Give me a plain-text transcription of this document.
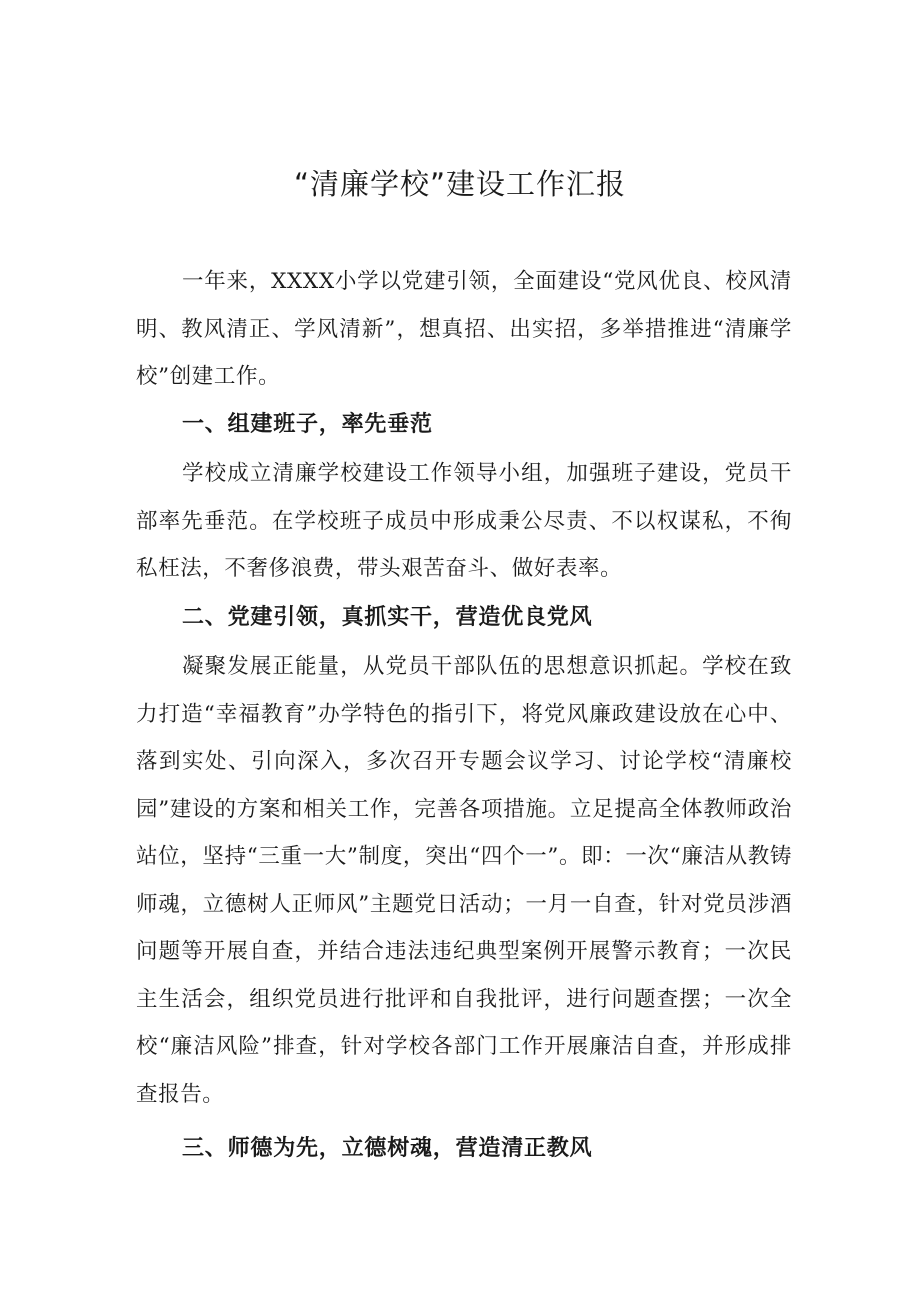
“清廉学校”建设工作汇报

一年来，XXXX小学以党建引领，全面建设“党风优良、校风清明、教风清正、学风清新”，想真招、出实招，多举措推进“清廉学校”创建工作。

一、组建班子，率先垂范

学校成立清廉学校建设工作领导小组，加强班子建设，党员干部率先垂范。在学校班子成员中形成秉公尽责、不以权谋私，不徇私枉法，不奢侈浪费，带头艰苦奋斗、做好表率。

二、党建引领，真抓实干，营造优良党风

凝聚发展正能量，从党员干部队伍的思想意识抓起。学校在致力打造“幸福教育”办学特色的指引下，将党风廉政建设放在心中、落到实处、引向深入，多次召开专题会议学习、讨论学校“清廉校园”建设的方案和相关工作，完善各项措施。立足提高全体教师政治站位，坚持“三重一大”制度，突出“四个一”。即：一次“廉洁从教铸师魂，立德树人正师风”主题党日活动；一月一自查，针对党员涉酒问题等开展自查，并结合违法违纪典型案例开展警示教育；一次民主生活会，组织党员进行批评和自我批评，进行问题查摆；一次全校“廉洁风险”排查，针对学校各部门工作开展廉洁自查，并形成排查报告。

三、师德为先，立德树魂，营造清正教风
